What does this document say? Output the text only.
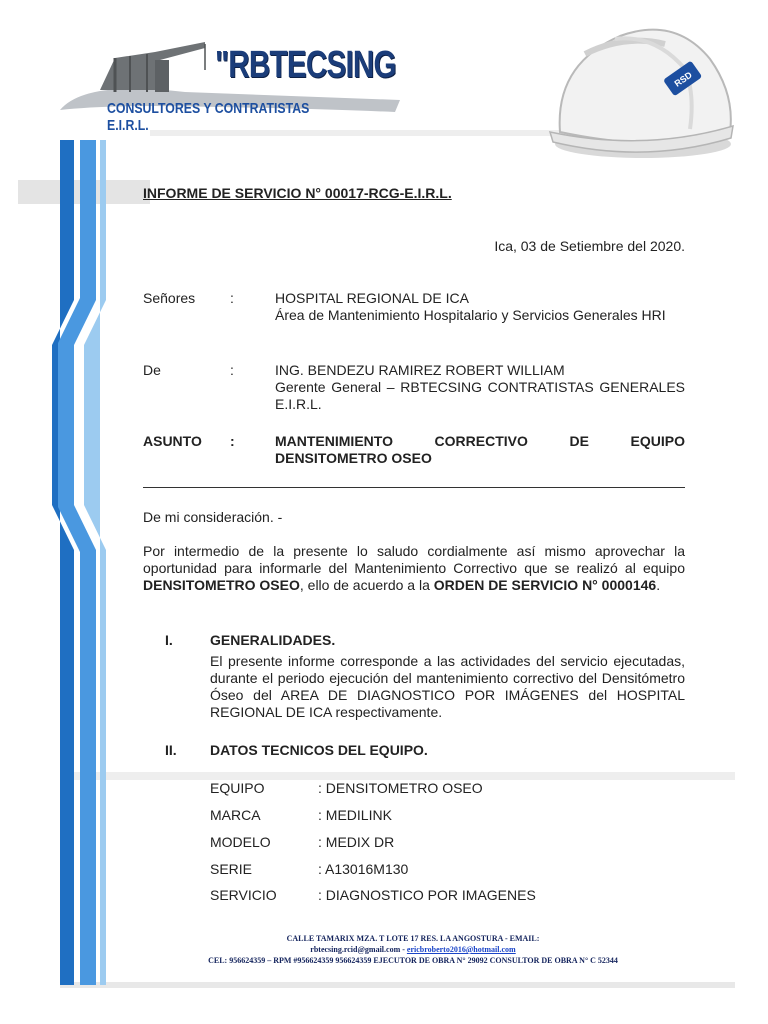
"RBTECSING
CONSULTORES Y CONTRATISTAS E.I.R.L.
RSD
INFORME DE SERVICIO N° 00017-RCG-E.I.R.L.
Ica, 03 de Setiembre del 2020.
Señores :	HOSPITAL REGIONAL DE ICA
Área de Mantenimiento Hospitalario y Servicios Generales HRI
De	:	ING. BENDEZU RAMIREZ ROBERT WILLIAM
Gerente General – RBTECSING CONTRATISTAS GENERALES E.I.R.L.
ASUNTO :	MANTENIMIENTO CORRECTIVO DE EQUIPO DENSITOMETRO OSEO
De mi consideración. -
Por intermedio de la presente lo saludo cordialmente así mismo aprovechar la oportunidad para informarle del Mantenimiento Correctivo que se realizó al equipo DENSITOMETRO OSEO, ello de acuerdo a la ORDEN DE SERVICIO N° 0000146.
I.	GENERALIDADES.
El presente informe corresponde a las actividades del servicio ejecutadas, durante el periodo ejecución del mantenimiento correctivo del Densitómetro Óseo del AREA DE DIAGNOSTICO POR IMÁGENES del HOSPITAL REGIONAL DE ICA respectivamente.
II. DATOS TECNICOS DEL EQUIPO.
EQUIPO	: DENSITOMETRO OSEO
MARCA	: MEDILINK
MODELO	: MEDIX DR
SERIE	: A13016M130
SERVICIO	: DIAGNOSTICO POR IMAGENES
CALLE TAMARIX MZA. T LOTE 17 RES. LA ANGOSTURA - EMAIL:
rbtecsing.rcid@gmail.com - ericbroberto2016@hotmail.com
CEL: 956624359 – RPM #956624359 956624359 EJECUTOR DE OBRA N° 29092 CONSULTOR DE OBRA N° C 52344
